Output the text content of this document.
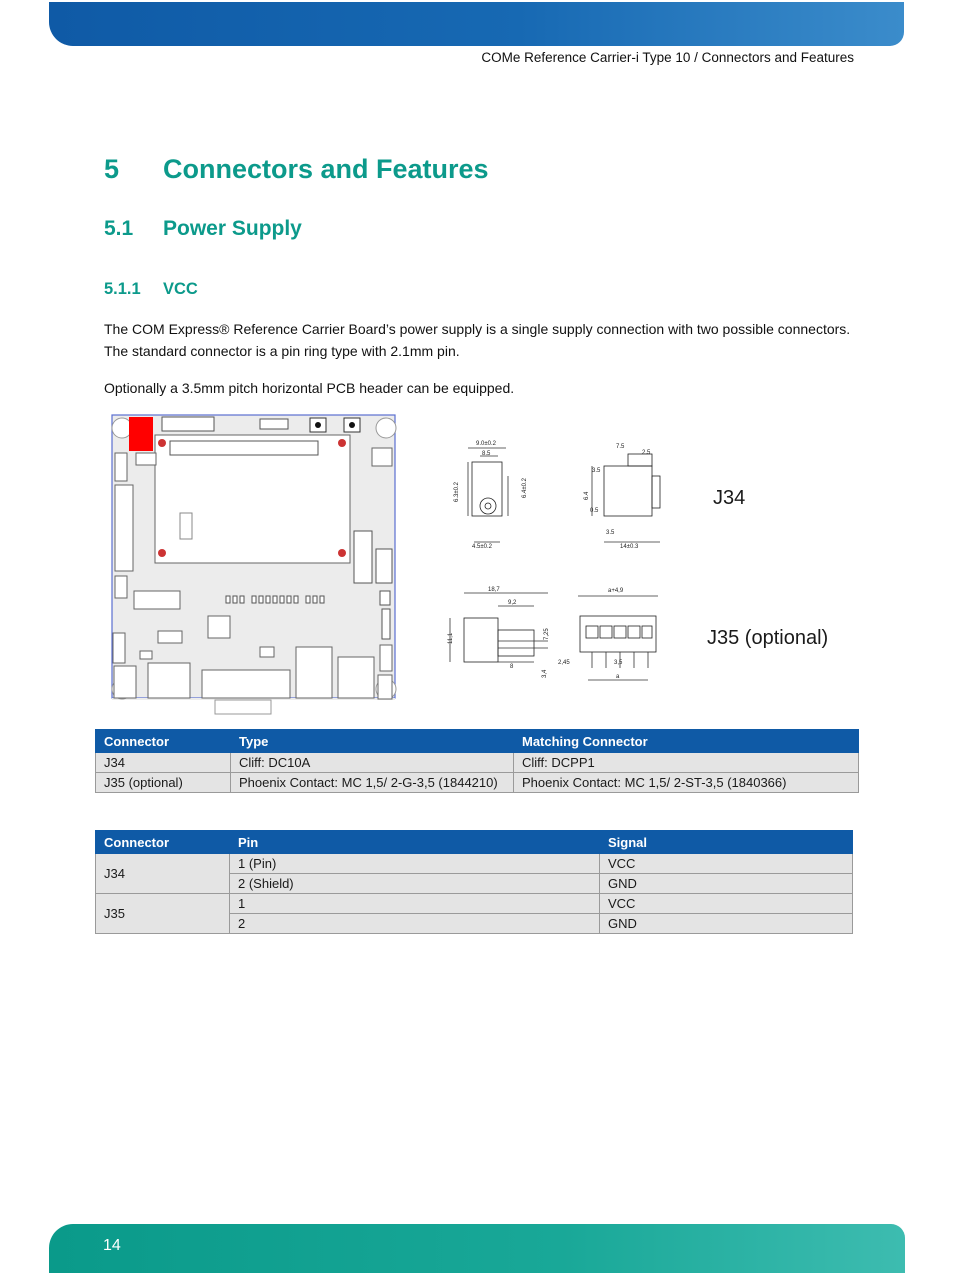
COMe Reference Carrier-i Type 10 / Connectors and Features
5 Connectors and Features
5.1 Power Supply
5.1.1 VCC
The COM Express® Reference Carrier Board’s power supply is a single supply connection with two possible connectors.
The standard connector is a pin ring type with 2.1mm pin.
Optionally a 3.5mm pitch horizontal PCB header can be equipped.
9.0±0.2
8.5
6.3±0.2	6.4±0.2
4.5±0.2
7.5
2.5
3.5
6.4
0.5
3.5
14±0.3
18,7
9,2
11,1	7,25
8
3,4
a+4,9
2,45	3,5
a
J34
J35 (optional)
Connector	Type	Matching Connector
J34	Cliff: DC10A	Cliff: DCPP1
J35 (optional)	Phoenix Contact: MC 1,5/ 2-G-3,5 (1844210)	Phoenix Contact: MC 1,5/ 2-ST-3,5 (1840366)
Connector	Pin	Signal
J34	1 (Pin)	VCC
	2 (Shield)	GND
J35	1	VCC
	2	GND
14
